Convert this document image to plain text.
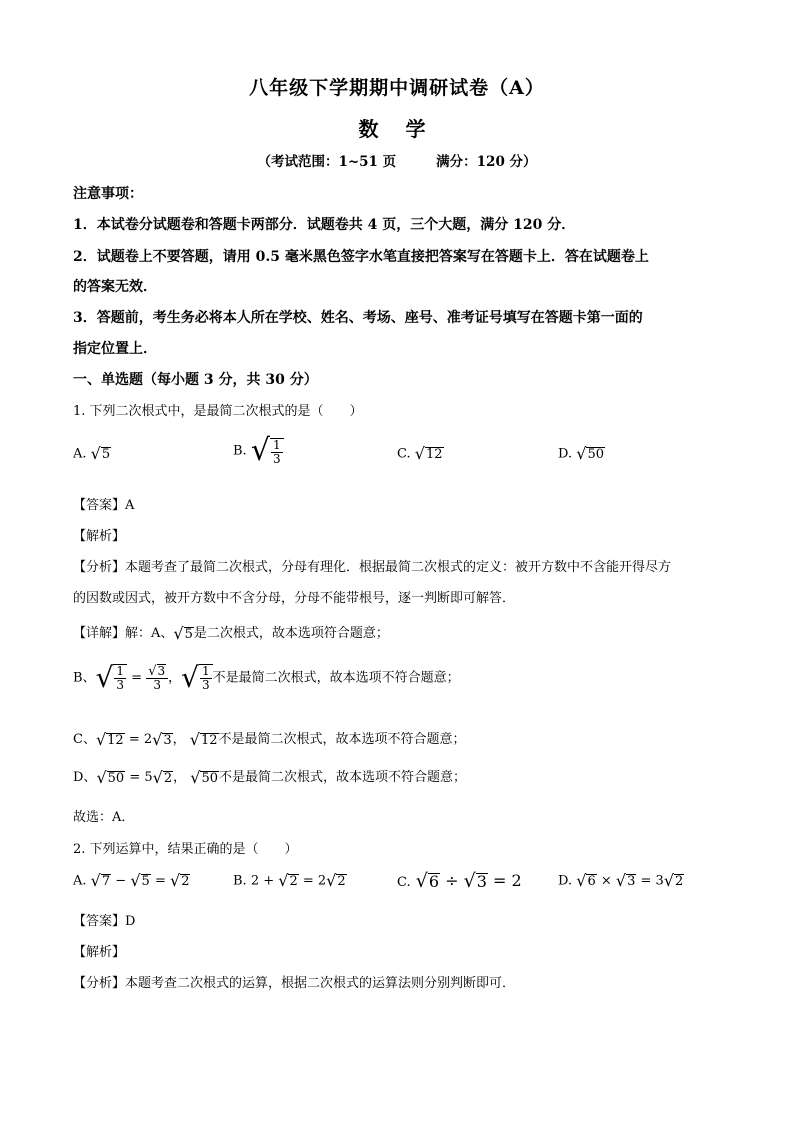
八年级下学期期中调研试卷（A）
数 学
（考试范围：1~51 页	满分：120 分）
注意事项：
1．本试卷分试题卷和答题卡两部分．试题卷共 4 页，三个大题，满分 120 分．
2．试题卷上不要答题，请用 0.5 毫米黑色签字水笔直接把答案写在答题卡上．答在试题卷上
的答案无效．
3．答题前，考生务必将本人所在学校、姓名、考场、座号、准考证号填写在答题卡第一面的
指定位置上．
一、单选题（每小题 3 分，共 30 分）
1. 下列二次根式中，是最简二次根式的是（　　）
A. √ 5	B. √ $\frac{1}{3}$	C. √ 12	D. √ 50
【答案】A
【解析】
【分析】本题考查了最简二次根式，分母有理化．根据最简二次根式的定义：被开方数中不含能开得尽方
的因数或因式，被开方数中不含分母，分母不能带根号，逐一判断即可解答．
【详解】解：A、 √ 5 是二次根式，故本选项符合题意；
B、 √ $\frac{1}{3} = \frac{√ 3}{3}$ ， √ $\frac{1}{3}$ 不是最简二次根式，故本选项不符合题意；
C、 √ 12 = 2 √ 3 ， √ 12 不是最简二次根式，故本选项不符合题意；
D、 √ 50 = 5 √ 2 ， √ 50 不是最简二次根式，故本选项不符合题意；
故选：A．
2. 下列运算中，结果正确的是（　　）
A. √ 7 − √ 5 = √ 2	B. 2 + √ 2 = 2 √ 2	C. √ 6 ÷ √ 3 = 2	D. √ 6 × √ 3 = 3 √ 2
【答案】D
【解析】
【分析】本题考查二次根式的运算，根据二次根式的运算法则分别判断即可．
